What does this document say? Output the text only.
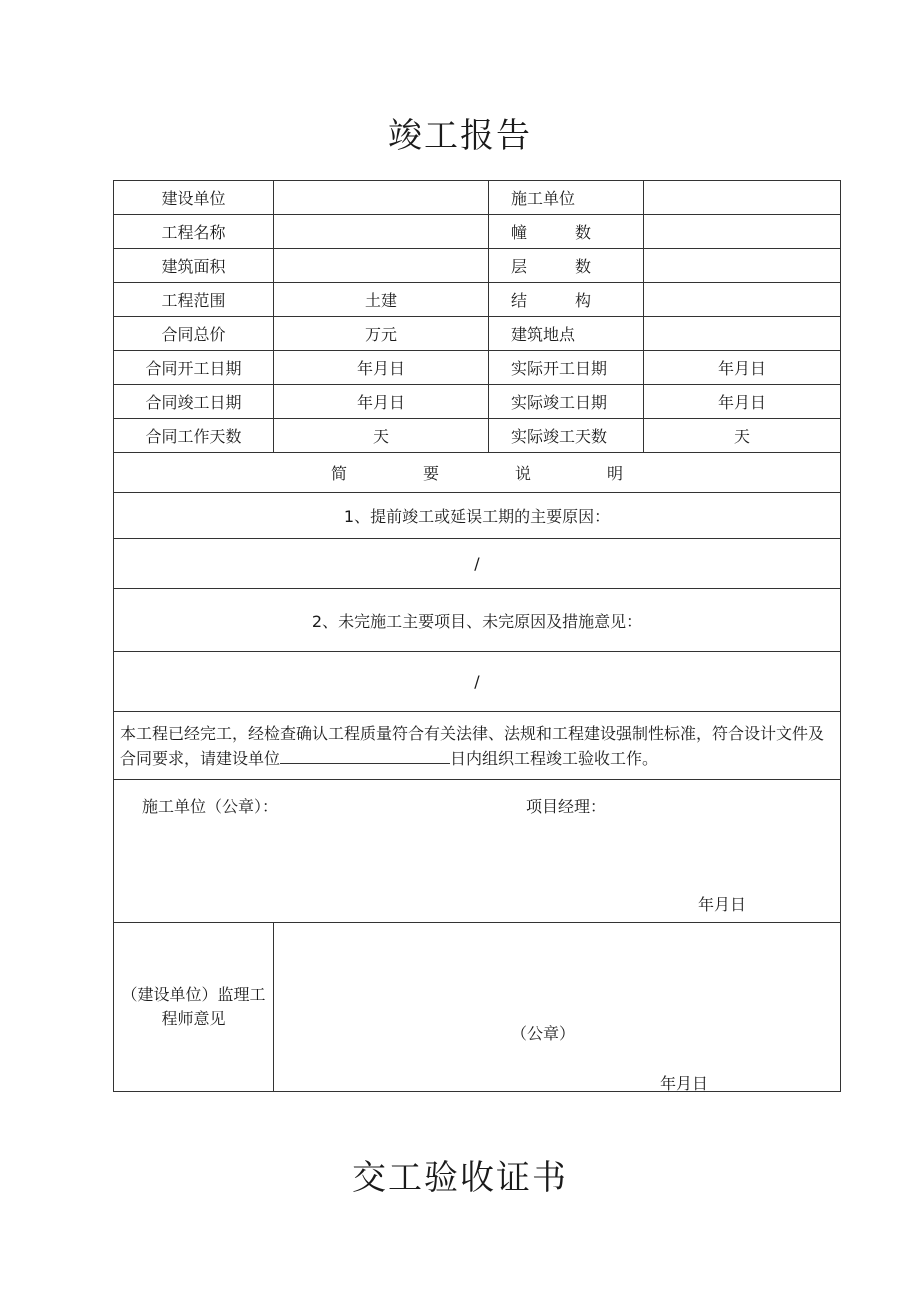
竣工报告
建设单位		施工单位	
工程名称		幢　　　数	
建筑面积		层　　　数	
工程范围	土建	结　　　构	
合同总价	万元	建筑地点	
合同开工日期	年月日	实际开工日期	年月日
合同竣工日期	年月日	实际竣工日期	年月日
合同工作天数	天	实际竣工天数	天
简 要 说 明			
1、提前竣工或延误工期的主要原因：			
/			
2、未完施工主要项目、未完原因及措施意见：			
/			
本工程已经完工，经检查确认工程质量符合有关法律、法规和工程建设强制性标准，符合设计文件及合同要求，请建设单位 日内组织工程竣工验收工作。			

施工单位（公章）： 项目经理：
年月日			

（建设单位）监理工程师意见	（公章）
年月日		
交工验收证书
